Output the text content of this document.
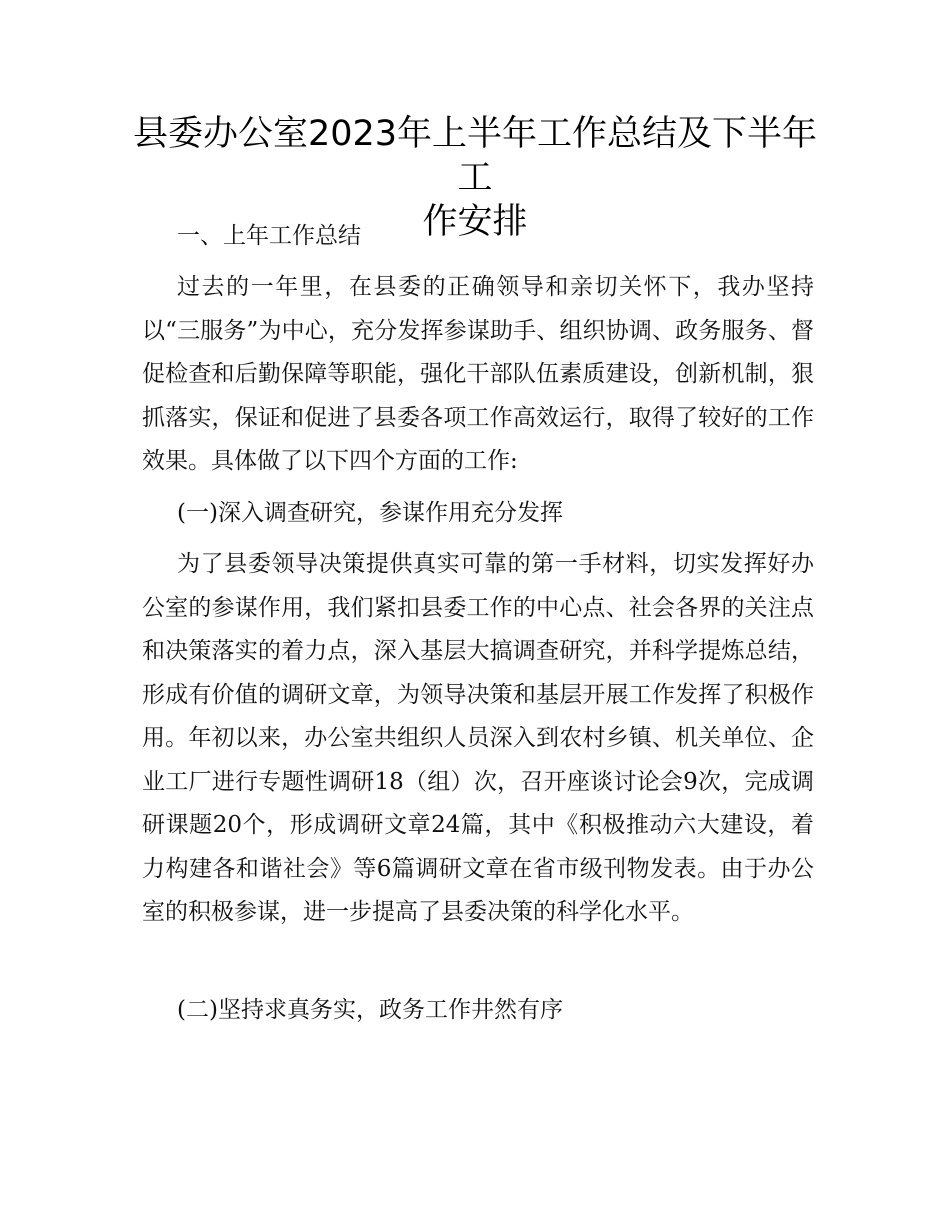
县委办公室2023年上半年工作总结及下半年工
作安排

一、上年工作总结

过去的一年里，在县委的正确领导和亲切关怀下，我办坚持以“三服务”为中心，充分发挥参谋助手、组织协调、政务服务、督促检查和后勤保障等职能，强化干部队伍素质建设，创新机制，狠抓落实，保证和促进了县委各项工作高效运行，取得了较好的工作效果。具体做了以下四个方面的工作:

(一)深入调查研究，参谋作用充分发挥

为了县委领导决策提供真实可靠的第一手材料，切实发挥好办公室的参谋作用，我们紧扣县委工作的中心点、社会各界的关注点和决策落实的着力点，深入基层大搞调查研究，并科学提炼总结，形成有价值的调研文章，为领导决策和基层开展工作发挥了积极作用。年初以来，办公室共组织人员深入到农村乡镇、机关单位、企业工厂进行专题性调研18（组）次，召开座谈讨论会9次，完成调研课题20个，形成调研文章24篇，其中《积极推动六大建设，着力构建各和谐社会》等6篇调研文章在省市级刊物发表。由于办公室的积极参谋，进一步提高了县委决策的科学化水平。

(二)坚持求真务实，政务工作井然有序
